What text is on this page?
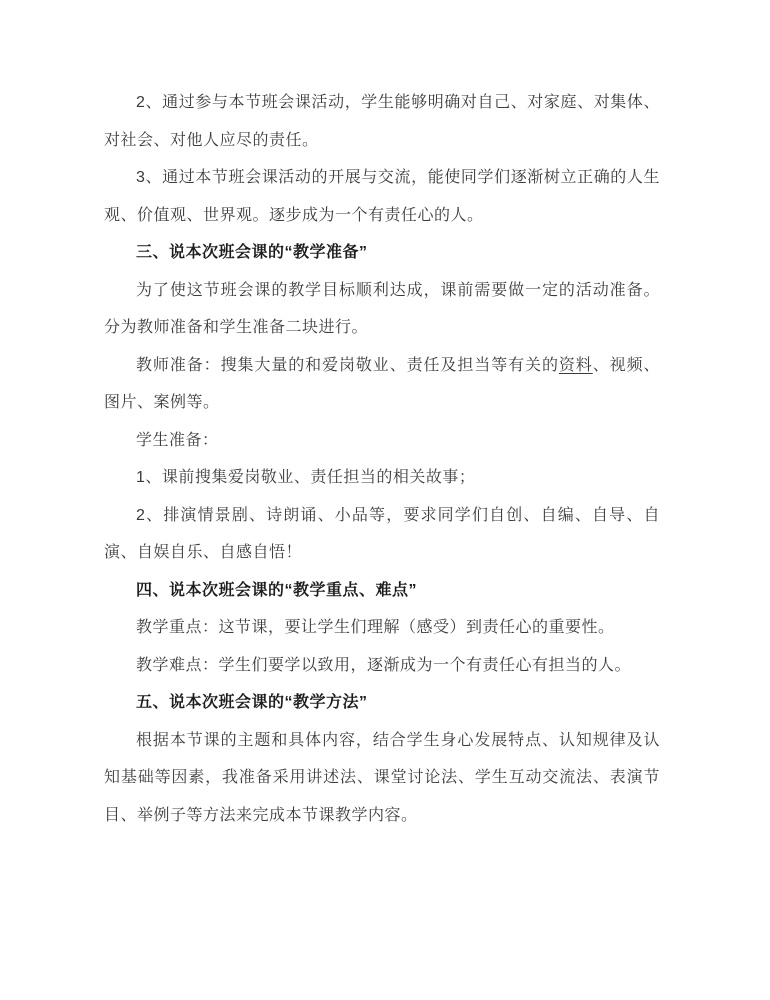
2、通过参与本节班会课活动，学生能够明确对自己、对家庭、对集体、对社会、对他人应尽的责任。

3、通过本节班会课活动的开展与交流，能使同学们逐渐树立正确的人生观、价值观、世界观。逐步成为一个有责任心的人。

三、说本次班会课的“教学准备”

为了使这节班会课的教学目标顺利达成，课前需要做一定的活动准备。分为教师准备和学生准备二块进行。

教师准备：搜集大量的和爱岗敬业、责任及担当等有关的资料、视频、图片、案例等。

学生准备：

1、课前搜集爱岗敬业、责任担当的相关故事；

2、排演情景剧、诗朗诵、小品等，要求同学们自创、自编、自导、自演、自娱自乐、自感自悟！

四、说本次班会课的“教学重点、难点”

教学重点：这节课，要让学生们理解（感受）到责任心的重要性。

教学难点：学生们要学以致用，逐渐成为一个有责任心有担当的人。

五、说本次班会课的“教学方法”

根据本节课的主题和具体内容，结合学生身心发展特点、认知规律及认知基础等因素，我准备采用讲述法、课堂讨论法、学生互动交流法、表演节目、举例子等方法来完成本节课教学内容。
